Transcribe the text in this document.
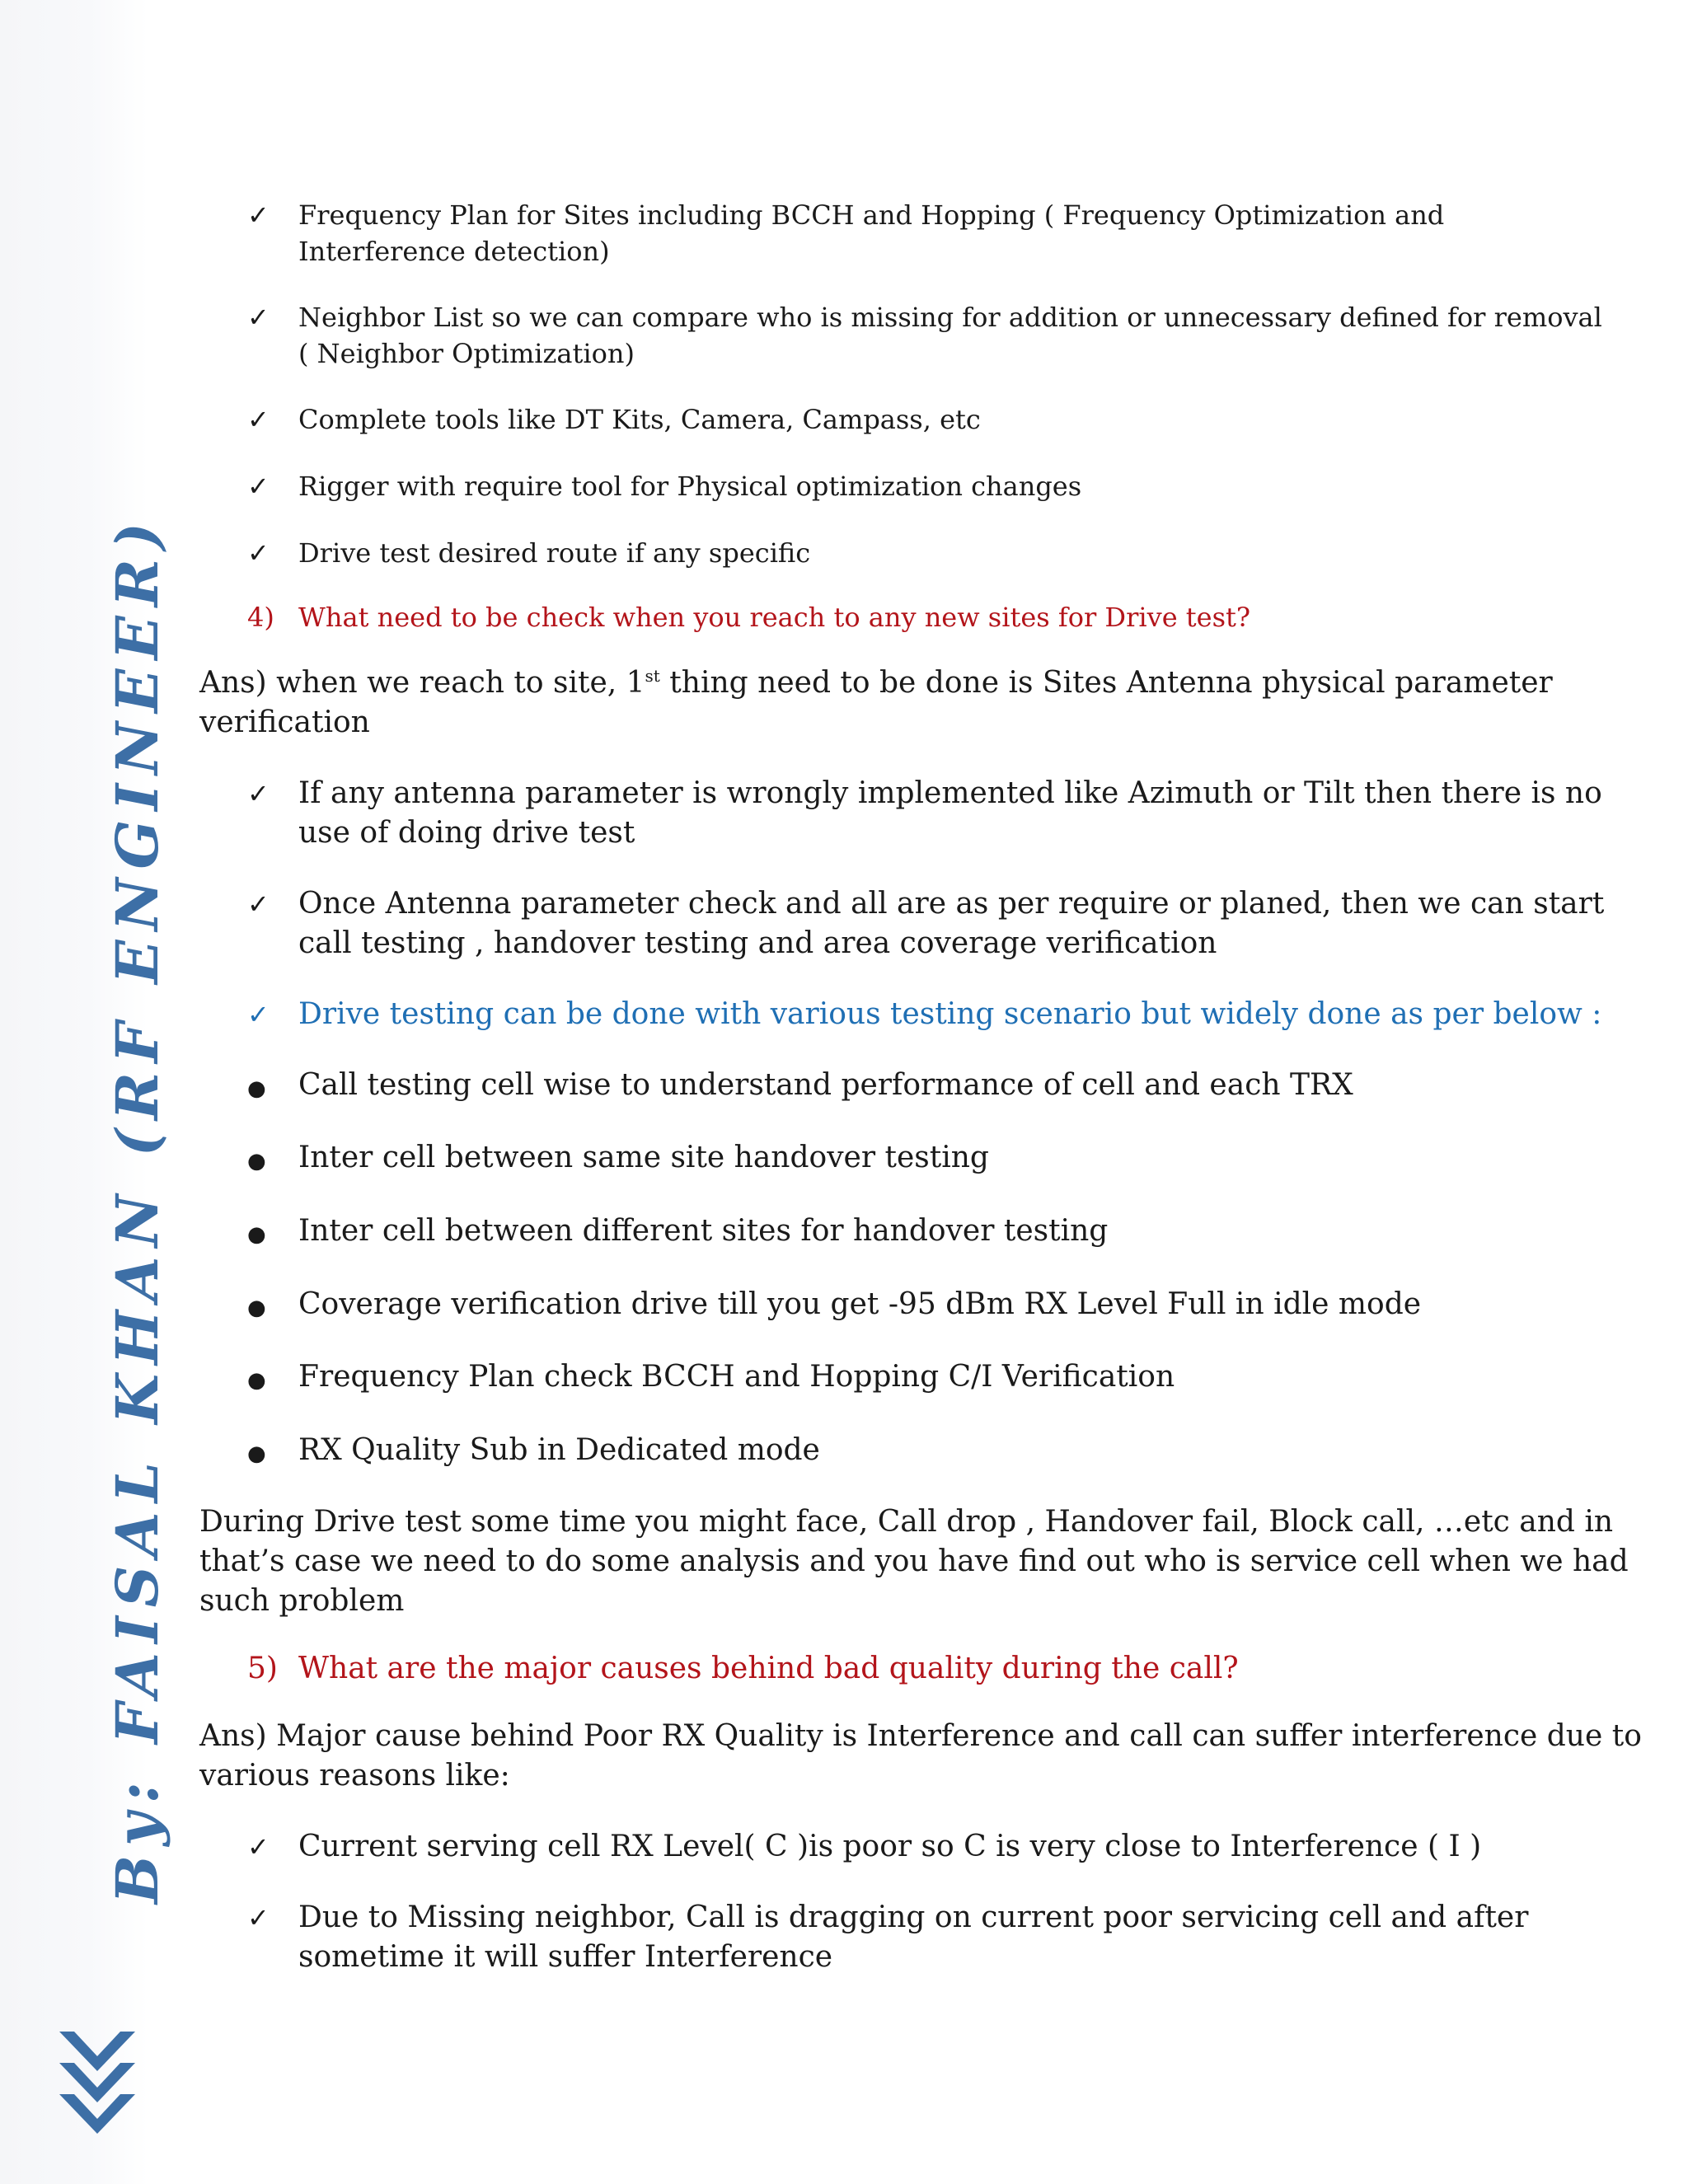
By: FAISAL KHAN (RF ENGINEER)
✓ Frequency Plan for Sites including BCCH and Hopping ( Frequency Optimization and
Interference detection)
✓ Neighbor List so we can compare who is missing for addition or unnecessary defined for removal
( Neighbor Optimization)
✓ Complete tools like DT Kits, Camera, Campass, etc
✓ Rigger with require tool for Physical optimization changes
✓ Drive test desired route if any specific
4) What need to be check when you reach to any new sites for Drive test?
Ans) when we reach to site, 1st thing need to be done is Sites Antenna physical parameter
verification
✓ If any antenna parameter is wrongly implemented like Azimuth or Tilt then there is no
use of doing drive test
✓ Once Antenna parameter check and all are as per require or planed, then we can start
call testing , handover testing and area coverage verification
✓ Drive testing can be done with various testing scenario but widely done as per below :
● Call testing cell wise to understand performance of cell and each TRX
● Inter cell between same site handover testing
● Inter cell between different sites for handover testing
● Coverage verification drive till you get -95 dBm RX Level Full in idle mode
● Frequency Plan check BCCH and Hopping C/I Verification
● RX Quality Sub in Dedicated mode
During Drive test some time you might face, Call drop , Handover fail, Block call, …etc and in
that’s case we need to do some analysis and you have find out who is service cell when we had
such problem
5) What are the major causes behind bad quality during the call?
Ans) Major cause behind Poor RX Quality is Interference and call can suffer interference due to
various reasons like:
✓ Current serving cell RX Level( C )is poor so C is very close to Interference ( I )
✓ Due to Missing neighbor, Call is dragging on current poor servicing cell and after
sometime it will suffer Interference
